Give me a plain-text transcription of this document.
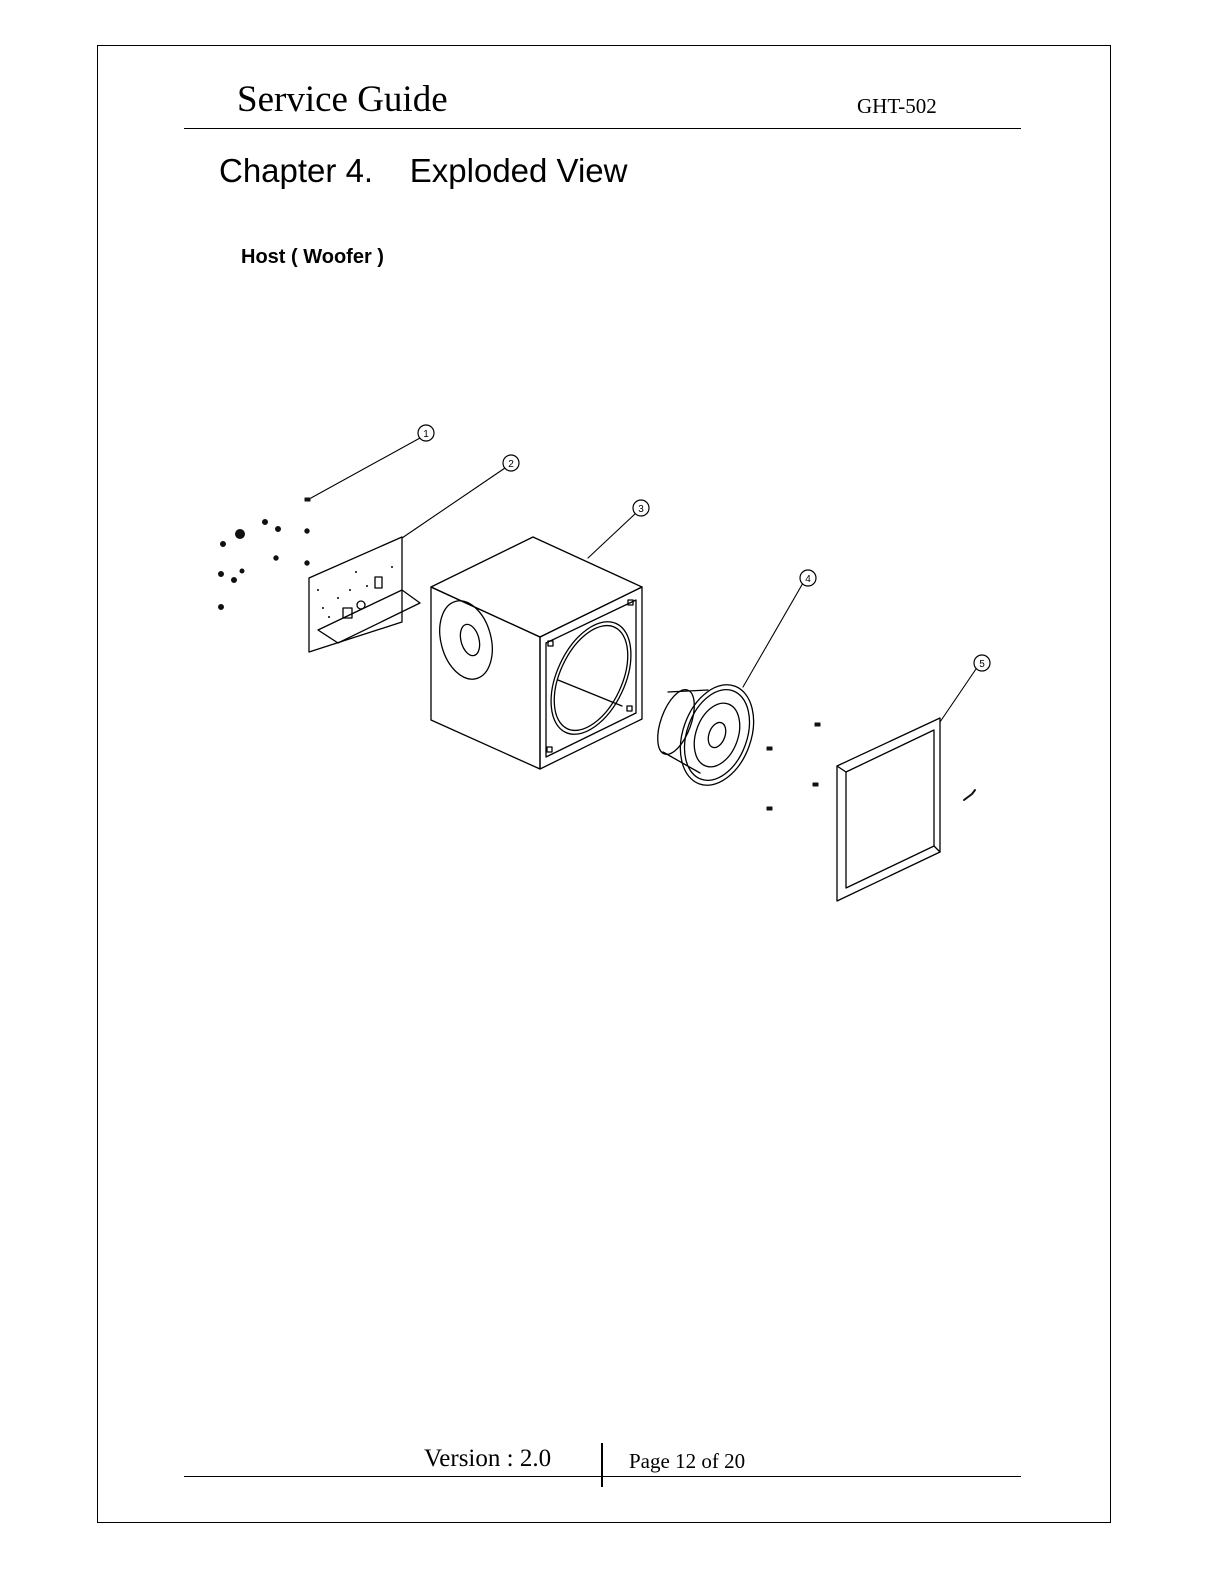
Service Guide	GHT-502
Chapter 4.    Exploded View
Host ( Woofer )
1
2
3
4
5
Version : 2.0	Page 12 of 20
